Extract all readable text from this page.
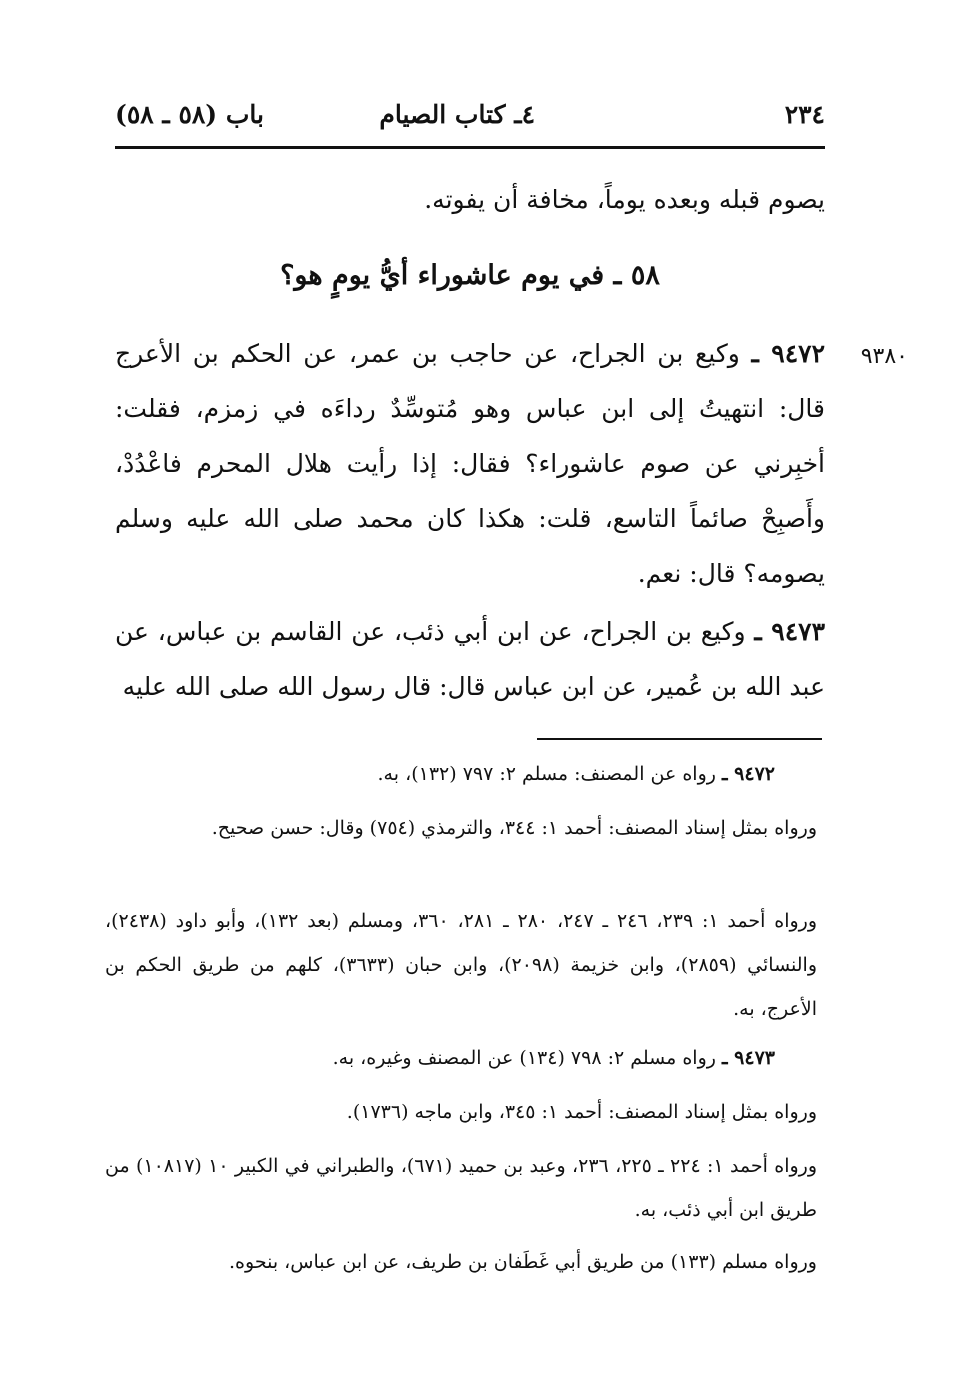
٢٣٤
٤ـ كتاب الصيام
باب (٥٨ ـ ٥٨)
يصوم قبله وبعده يوماً، مخافة أن يفوته.
٥٨ ـ في يوم عاشوراء أيُّ يومٍ هو؟
٩٣٨٠
٩٤٧٢ ـ وكيع بن الجراح، عن حاجب بن عمر، عن الحكم بن الأعرج قال: انتهيتُ إلى ابن عباس وهو مُتوسِّدٌ رداءَه في زمزم، فقلت: أخبِرني عن صوم عاشوراء؟ فقال: إذا رأيت هلال المحرم فاعْدُدْ، وأَصبِحْ صائماً التاسع، قلت: هكذا كان محمد صلى الله عليه وسلم يصومه؟ قال: نعم.
٩٤٧٣ ـ وكيع بن الجراح، عن ابن أبي ذئب، عن القاسم بن عباس، عن عبد الله بن عُمير، عن ابن عباس قال: قال رسول الله صلى الله عليه
٩٤٧٢ ـ رواه عن المصنف: مسلم ٢: ٧٩٧ (١٣٢)، به.
ورواه بمثل إسناد المصنف: أحمد ١: ٣٤٤، والترمذي (٧٥٤) وقال: حسن صحيح.
ورواه أحمد ١: ٢٣٩، ٢٤٦ ـ ٢٤٧، ٢٨٠ ـ ٢٨١، ٣٦٠، ومسلم (بعد ١٣٢)، وأبو داود (٢٤٣٨)، والنسائي (٢٨٥٩)، وابن خزيمة (٢٠٩٨)، وابن حبان (٣٦٣٣)، كلهم من طريق الحكم بن الأعرج، به.
٩٤٧٣ ـ رواه مسلم ٢: ٧٩٨ (١٣٤) عن المصنف وغيره، به.
ورواه بمثل إسناد المصنف: أحمد ١: ٣٤٥، وابن ماجه (١٧٣٦).
ورواه أحمد ١: ٢٢٤ ـ ٢٢٥، ٢٣٦، وعبد بن حميد (٦٧١)، والطبراني في الكبير ١٠ (١٠٨١٧) من طريق ابن أبي ذئب، به.
ورواه مسلم (١٣٣) من طريق أبي غَطَفان بن طريف، عن ابن عباس، بنحوه.
